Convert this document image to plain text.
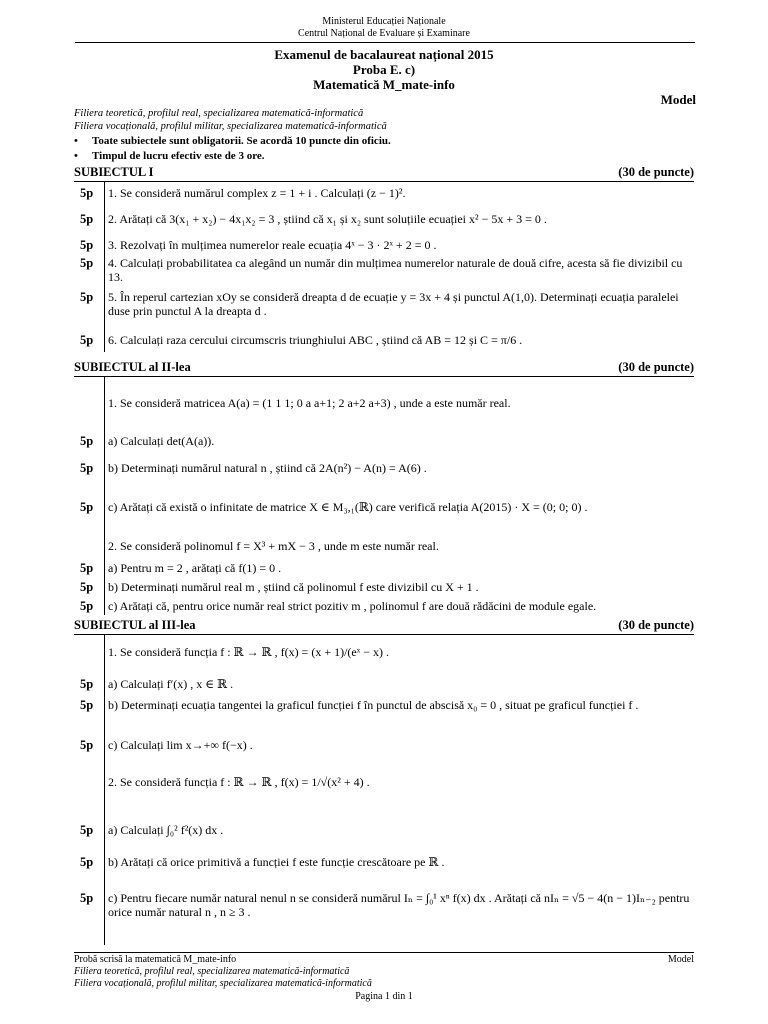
Ministerul Educației Naționale
Centrul Național de Evaluare și Examinare
Examenul de bacalaureat național 2015
Proba E. c)
Matematică M_mate-info
Model
Filiera teoretică, profilul real, specializarea matematică-informatică
Filiera vocațională, profilul militar, specializarea matematică-informatică
• Toate subiectele sunt obligatorii. Se acordă 10 puncte din oficiu.
• Timpul de lucru efectiv este de 3 ore.
SUBIECTUL I	(30 de puncte)
5p 1. Se consideră numărul complex z = 1 + i . Calculați (z − 1)².
5p 2. Arătați că 3(x₁ + x₂) − 4x₁x₂ = 3 , știind că x₁ și x₂ sunt soluțiile ecuației x² − 5x + 3 = 0 .
5p 3. Rezolvați în mulțimea numerelor reale ecuația 4ˣ − 3 · 2ˣ + 2 = 0 .
5p 4. Calculați probabilitatea ca alegând un număr din mulțimea numerelor naturale de două cifre, acesta să fie divizibil cu 13.
5p 5. În reperul cartezian xOy se consideră dreapta d de ecuație y = 3x + 4 și punctul A(1,0). Determinați ecuația paralelei duse prin punctul A la dreapta d .
5p 6. Calculați raza cercului circumscris triunghiului ABC , știind că AB = 12 și C = π/6 .
SUBIECTUL al II-lea	(30 de puncte)
1. Se consideră matricea A(a) = (1 1 1; 0 a a+1; 2 a+2 a+3) , unde a este număr real.
5p a) Calculați det(A(a)).
5p b) Determinați numărul natural n , știind că 2A(n²) − A(n) = A(6) .
5p c) Arătați că există o infinitate de matrice X ∈ M₃,₁(ℝ) care verifică relația A(2015) · X = (0; 0; 0) .
2. Se consideră polinomul f = X³ + mX − 3 , unde m este număr real.
5p a) Pentru m = 2 , arătați că f(1) = 0 .
5p b) Determinați numărul real m , știind că polinomul f este divizibil cu X + 1 .
5p c) Arătați că, pentru orice număr real strict pozitiv m , polinomul f are două rădăcini de module egale.
SUBIECTUL al III-lea	(30 de puncte)
1. Se consideră funcția f : ℝ → ℝ , f(x) = (x + 1)/(eˣ − x) .
5p a) Calculați f′(x) , x ∈ ℝ .
5p b) Determinați ecuația tangentei la graficul funcției f în punctul de abscisă x₀ = 0 , situat pe graficul funcției f .
5p c) Calculați lim x→+∞ f(−x) .
2. Se consideră funcția f : ℝ → ℝ , f(x) = 1/√(x² + 4) .
5p a) Calculați ∫₀² f²(x) dx .
5p b) Arătați că orice primitivă a funcției f este funcție crescătoare pe ℝ .
5p c) Pentru fiecare număr natural nenul n se consideră numărul Iₙ = ∫₀¹ xⁿ f(x) dx . Arătați că nIₙ = √5 − 4(n − 1)Iₙ₋₂ pentru orice număr natural n , n ≥ 3 .
Probă scrisă la matematică M_mate-info	Model
Filiera teoretică, profilul real, specializarea matematică-informatică
Filiera vocațională, profilul militar, specializarea matematică-informatică
Pagina 1 din 1
